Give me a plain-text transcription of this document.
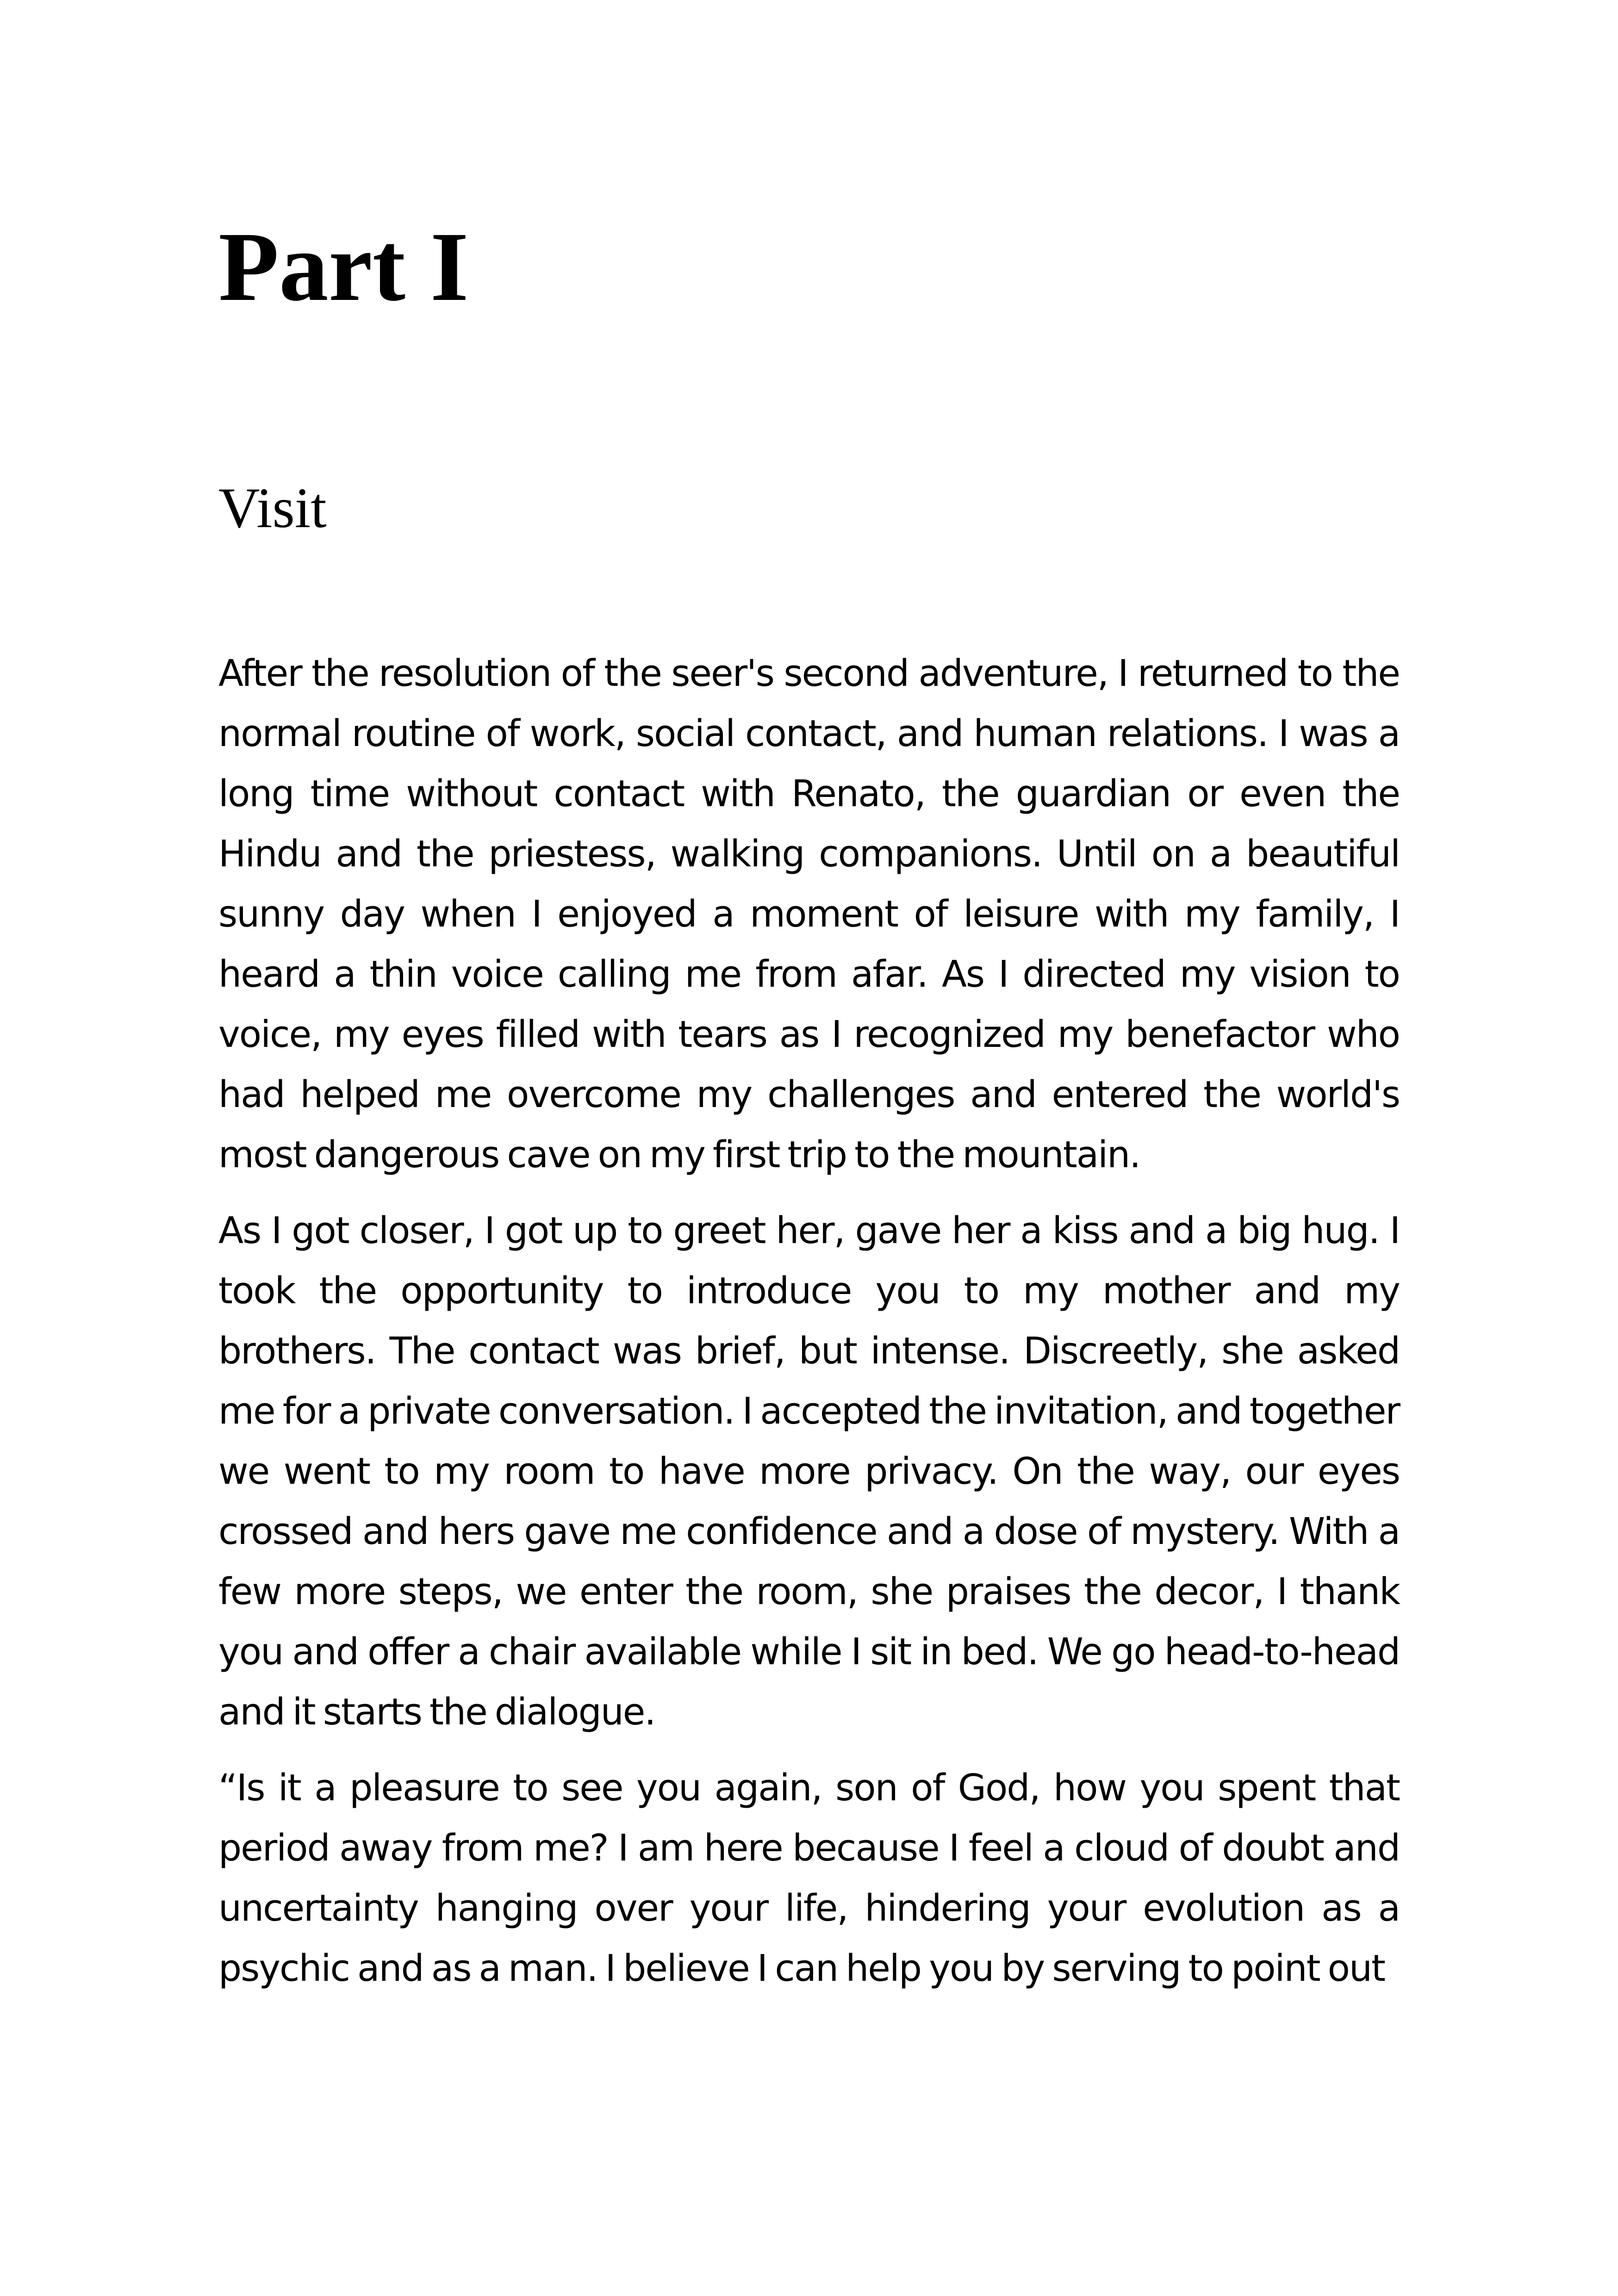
Part I
Visit

After the resolution of the seer's second adventure, I returned to the normal routine of work, social contact, and human relations. I was a long time without contact with Renato, the guardian or even the Hindu and the priestess, walking companions. Until on a beautiful sunny day when I enjoyed a moment of leisure with my family, I heard a thin voice calling me from afar. As I directed my vision to voice, my eyes filled with tears as I recognized my benefactor who had helped me overcome my challenges and entered the world's most dangerous cave on my first trip to the mountain.

As I got closer, I got up to greet her, gave her a kiss and a big hug. I took the opportunity to introduce you to my mother and my brothers. The contact was brief, but intense. Discreetly, she asked me for a private conversation. I accepted the invitation, and together we went to my room to have more privacy. On the way, our eyes crossed and hers gave me confidence and a dose of mystery. With a few more steps, we enter the room, she praises the decor, I thank you and offer a chair available while I sit in bed. We go head-to-head and it starts the dialogue.

“Is it a pleasure to see you again, son of God, how you spent that period away from me? I am here because I feel a cloud of doubt and uncertainty hanging over your life, hindering your evolution as a psychic and as a man. I believe I can help you by serving to point out
